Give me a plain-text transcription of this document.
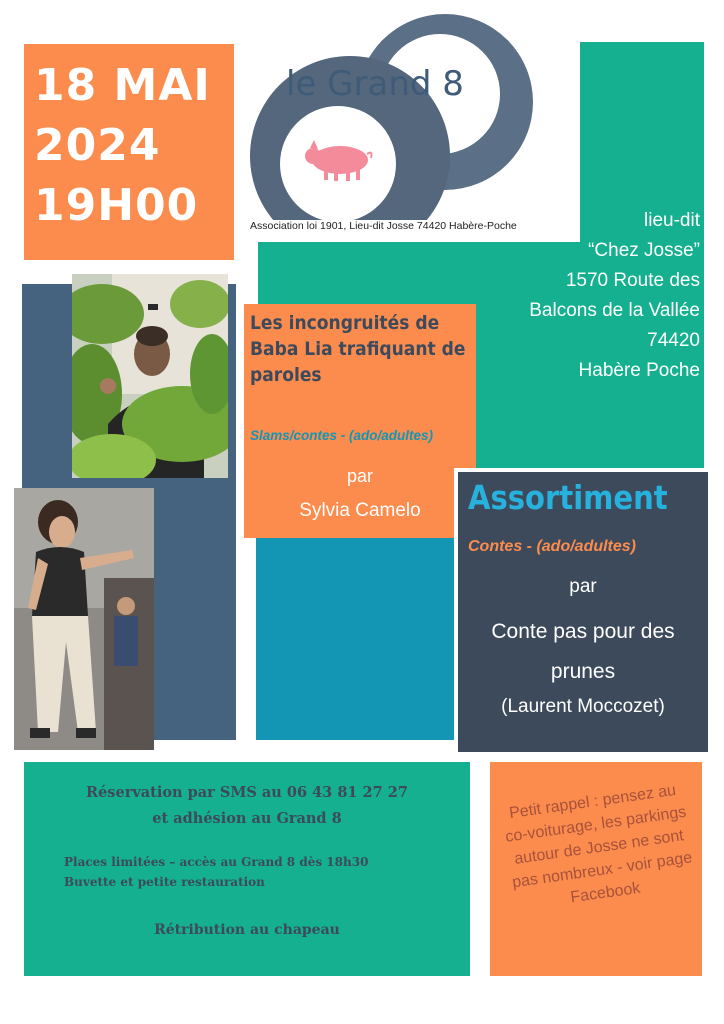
18 MAI
2024
19H00
le Grand 8
Association loi 1901, Lieu-dit Josse 74420 Habère-Poche	lieu-dit
“Chez Josse”
1570 Route des
Balcons de la Vallée
74420
Habère Poche
Les incongruités de Baba Lia trafiquant de paroles
Slams/contes - (ado/adultes)
par
Sylvia Camelo	Assortiment
Contes - (ado/adultes)
par
Conte pas pour des prunes
(Laurent Moccozet)
Réservation par SMS au 06 43 81 27 27
et adhésion au Grand 8
Places limitées – accès au Grand 8 dès 18h30
Buvette et petite restauration
Rétribution au chapeau
Petit rappel : pensez au co-voiturage, les parkings autour de Josse ne sont pas nombreux - voir page Facebook
